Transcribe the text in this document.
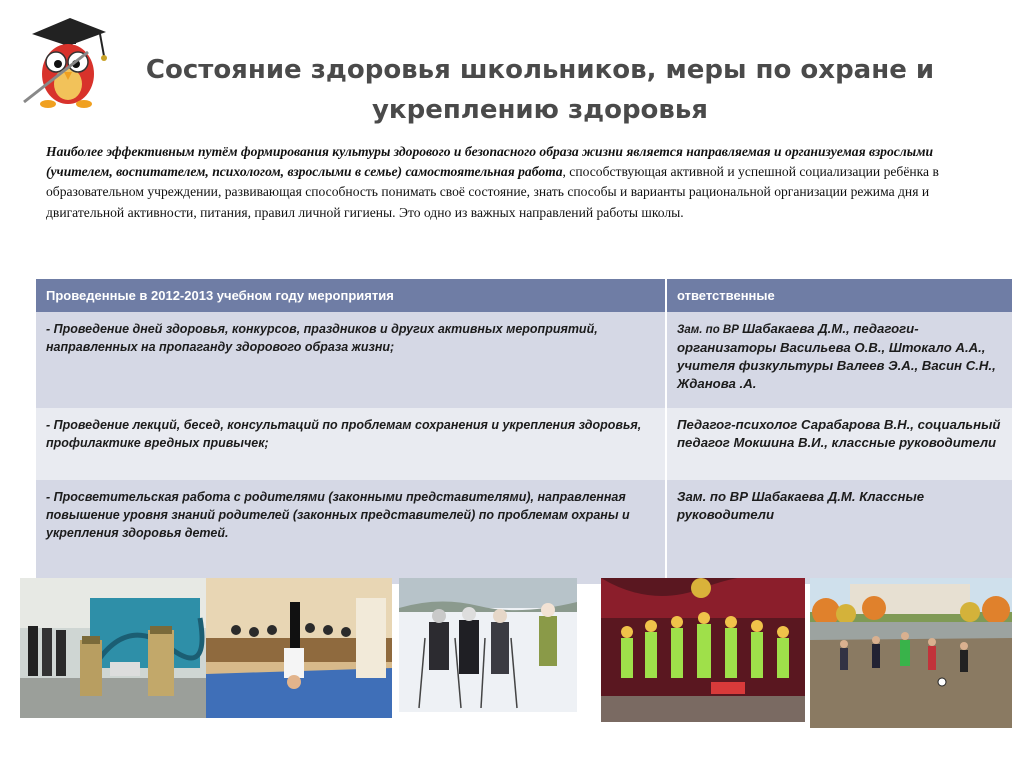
Состояние здоровья школьников, меры по охране и укреплению здоровья
Наиболее эффективным путём формирования культуры здорового и безопасного образа жизни является направляемая и организуемая взрослыми (учителем, воспитателем, психологом, взрослыми в семье) самостоятельная работа, способствующая активной и успешной социализации ребёнка в образовательном учреждении, развивающая способность понимать своё состояние, знать способы и варианты рациональной организации режима дня и двигательной активности, питания, правил личной гигиены. Это одно из важных направлений работы школы.
Проведенные в 2012-2013 учебном году мероприятия	ответственные
- Проведение дней здоровья, конкурсов, праздников и других активных мероприятий, направленных на пропаганду здорового образа жизни;	Зам. по ВР Шабакаева Д.М., педагоги-организаторы Васильева О.В., Штокало А.А., учителя физкультуры Валеев Э.А., Васин С.Н., Жданова .А.
- Проведение лекций, бесед, консультаций по проблемам сохранения и укрепления здоровья, профилактике вредных привычек;	Педагог-психолог Сарабарова В.Н., социальный педагог Мокшина В.И., классные руководители
- Просветительская работа с родителями (законными представителями), направленная повышение уровня знаний родителей (законных представителей) по проблемам охраны и укрепления здоровья детей.	Зам. по ВР Шабакаева Д.М. Классные руководители
